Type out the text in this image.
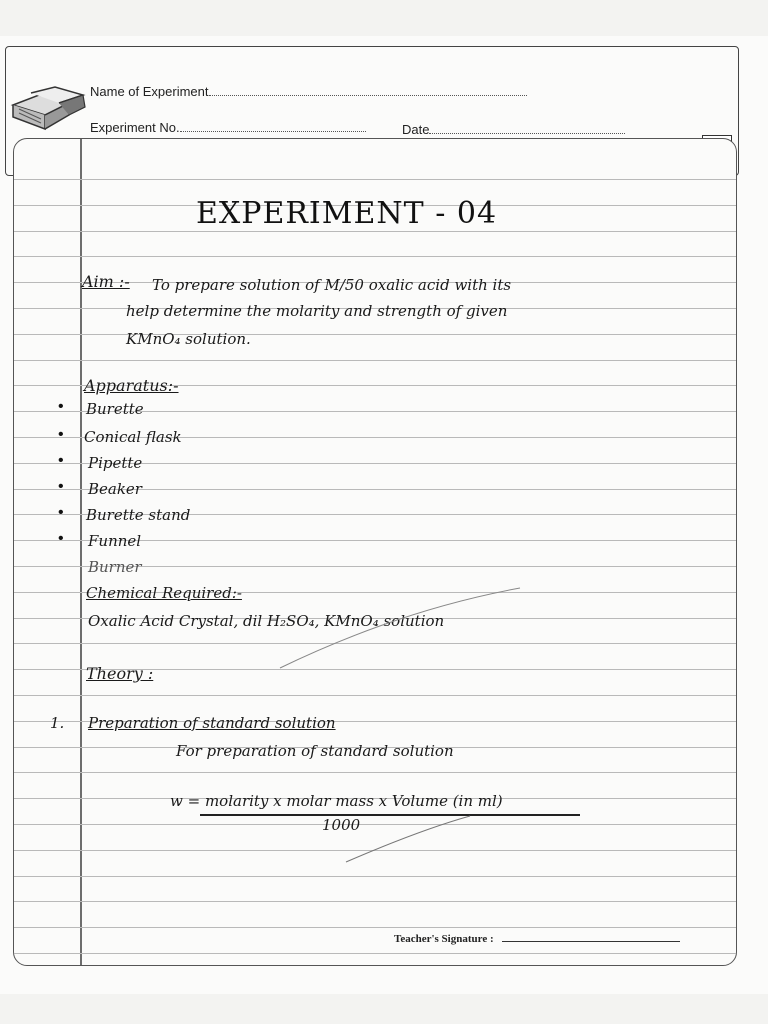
Name of Experiment
Experiment No.	Date
EXPERIMENT - 04
Aim :- To prepare solution of M/50 oxalic acid with its
help determine the molarity and strength of given
KMnO₄ solution.
Apparatus:-
• Burette
• Conical flask
• Pipette
• Beaker
• Burette stand
• Funnel
Burner
Chemical Required:-
Oxalic Acid Crystal, dil H₂SO₄, KMnO₄ solution
Theory :
1. Preparation of standard solution
For preparation of standard solution
w = molarity x molar mass x Volume (in ml)
1000
Teacher's Signature :
